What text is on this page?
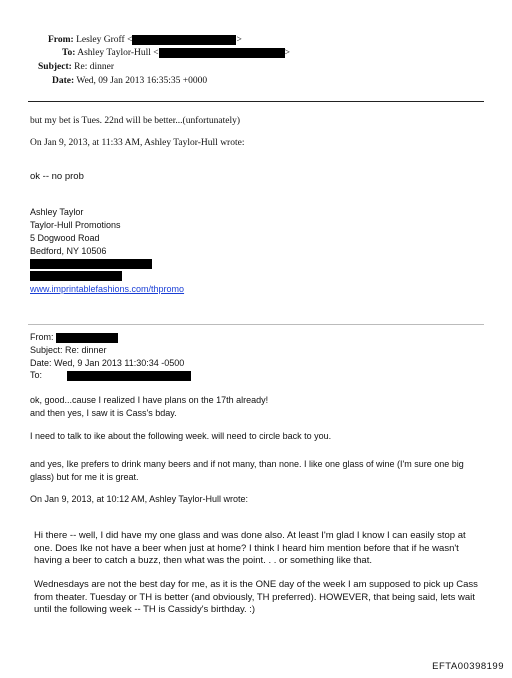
From: Lesley Groff <	>
To: Ashley Taylor-Hull <	>
Subject: Re: dinner
Date: Wed, 09 Jan 2013 16:35:35 +0000
but my bet is Tues. 22nd will be better...(unfortunately)
On Jan 9, 2013, at 11:33 AM, Ashley Taylor-Hull wrote:
ok -- no prob
Ashley Taylor
Taylor-Hull Promotions
5 Dogwood Road
Bedford, NY 10506
www.imprintablefashions.com/thpromo
From:
Subject: Re: dinner
Date: Wed, 9 Jan 2013 11:30:34 -0500
To:
ok, good...cause I realized I have plans on the 17th already!
and then yes, I saw it is Cass's bday.
I need to talk to ike about the following week. will need to circle back to you.
and yes, Ike prefers to drink many beers and if not many, than none. I like one glass of wine (I'm sure one big glass) but for me it is great.
On Jan 9, 2013, at 10:12 AM, Ashley Taylor-Hull wrote:
Hi there -- well, I did have my one glass and was done also. At least I'm glad I know I can easily stop at one. Does Ike not have a beer when just at home? I think I heard him mention before that if he wasn't having a beer to catch a buzz, then what was the point. . . or something like that.
Wednesdays are not the best day for me, as it is the ONE day of the week I am supposed to pick up Cass from theater. Tuesday or TH is better (and obviously, TH preferred). HOWEVER, that being said, lets wait until the following week -- TH is Cassidy's birthday. :)
EFTA00398199
